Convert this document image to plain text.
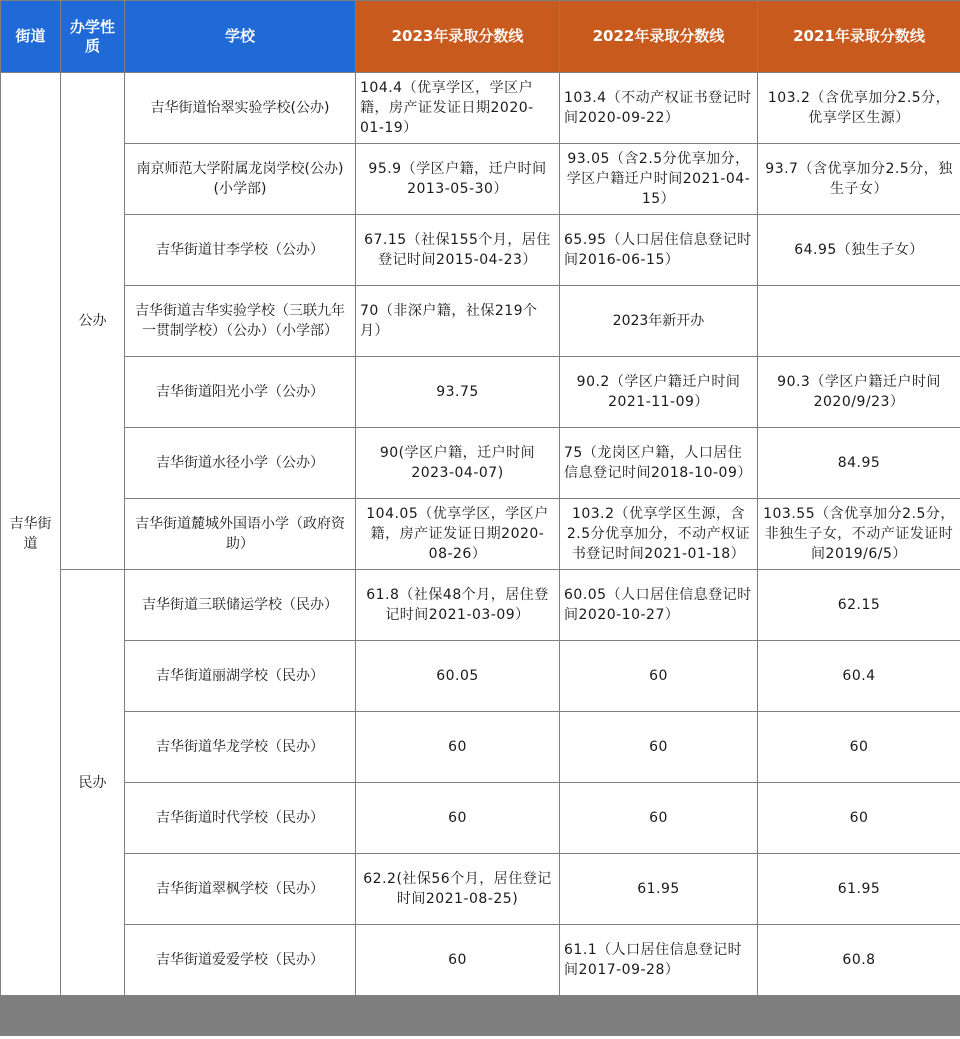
街道	办学性质	学校	2023年录取分数线	2022年录取分数线	2021年录取分数线
吉华街道	公办	吉华街道怡翠实验学校(公办)	104.4（优享学区，学区户籍，房产证发证日期2020-01-19）	103.4（不动产权证书登记时间2020-09-22）	103.2（含优享加分2.5分，优享学区生源）
		南京师范大学附属龙岗学校(公办)(小学部)	95.9（学区户籍，迁户时间2013-05-30）	93.05（含2.5分优享加分，学区户籍迁户时间2021-04-15）	93.7（含优享加分2.5分，独生子女）
		吉华街道甘李学校（公办）	67.15（社保155个月，居住登记时间2015-04-23）	65.95（人口居住信息登记时间2016-06-15）	64.95（独生子女）
		吉华街道吉华实验学校（三联九年一贯制学校）（公办）（小学部）	70（非深户籍，社保219个月）	2023年新开办	
		吉华街道阳光小学（公办）	93.75	90.2（学区户籍迁户时间2021-11-09）	90.3（学区户籍迁户时间2020/9/23）
		吉华街道水径小学（公办）	90(学区户籍，迁户时间2023-04-07)	75（龙岗区户籍，人口居住信息登记时间2018-10-09）	84.95
		吉华街道麓城外国语小学（政府资助）	104.05（优享学区，学区户籍，房产证发证日期2020-08-26）	103.2（优享学区生源，含2.5分优享加分，不动产权证书登记时间2021-01-18）	103.55（含优享加分2.5分，非独生子女，不动产证发证时间2019/6/5）
	民办	吉华街道三联储运学校（民办）	61.8（社保48个月，居住登记时间2021-03-09）	60.05（人口居住信息登记时间2020-10-27）	62.15
		吉华街道丽湖学校（民办）	60.05	60	60.4
		吉华街道华龙学校（民办）	60	60	60
		吉华街道时代学校（民办）	60	60	60
		吉华街道翠枫学校（民办）	62.2(社保56个月，居住登记时间2021-08-25)	61.95	61.95
		吉华街道爱爱学校（民办）	60	61.1（人口居住信息登记时间2017-09-28）	60.8
